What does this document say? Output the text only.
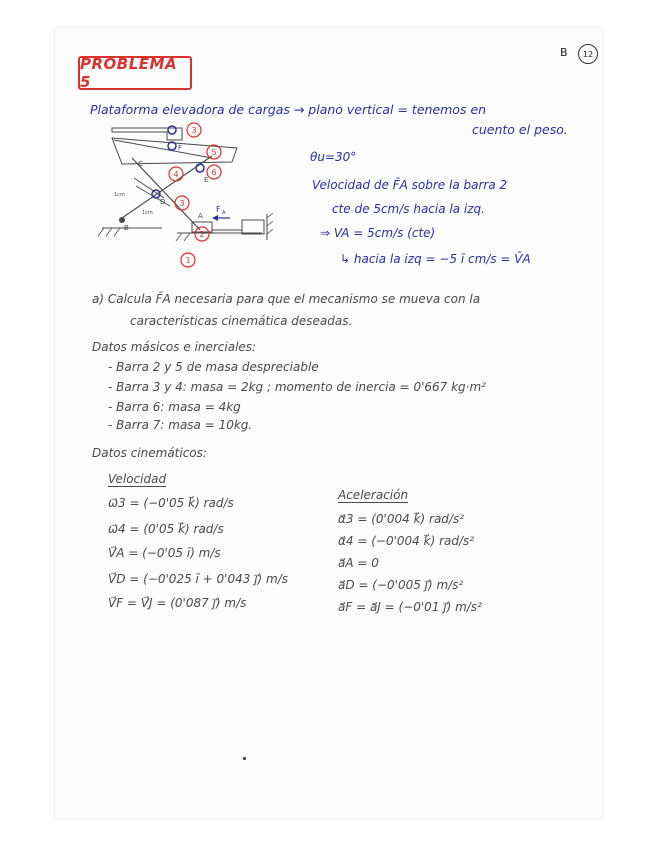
PROBLEMA 5
B	12
Plataforma elevadora de cargas → plano vertical = tenemos en
cuento el peso.
3
5
4	6
3
2
1
C
F
E
D
A
B
1cm
1cm	F A
θu=30°
Velocidad de F̄A sobre la barra 2
cte de 5cm/s hacia la izq.
⇒ VA = 5cm/s (cte)
↳ hacia la izq = −5 ī cm/s = V̄A
a) Calcula F̄A necesaria para que el mecanismo se mueva con la
características cinemática deseadas.
Datos másicos e inerciales:
- Barra 2 y 5 de masa despreciable
- Barra 3 y 4: masa = 2kg ; momento de inercia = 0'667 kg·m²
- Barra 6: masa = 4kg
- Barra 7: masa = 10kg.
Datos cinemáticos:
Velocidad
ω⃗3 = (−0'05 k⃗) rad/s
ω⃗4 = (0'05 k⃗) rad/s
V⃗A = (−0'05 ī) m/s
V⃗D = (−0'025 ī + 0'043 j⃗) m/s
V⃗F = V⃗J = (0'087 j⃗) m/s
Aceleración
α⃗3 = (0'004 k⃗) rad/s²
α⃗4 = (−0'004 k⃗) rad/s²
a⃗A = 0
a⃗D = (−0'005 j⃗) m/s²
a⃗F = a⃗J = (−0'01 j⃗) m/s²
